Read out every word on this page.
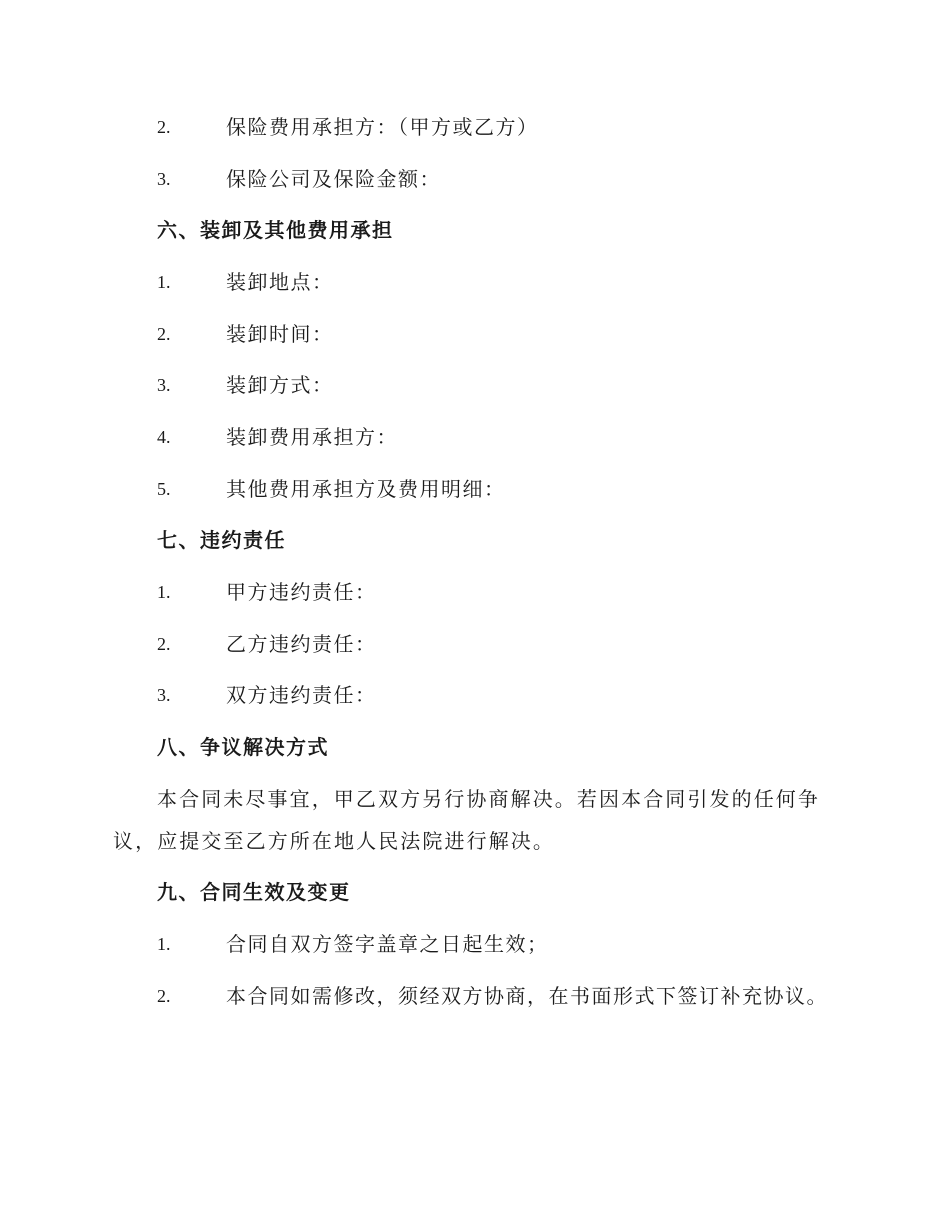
2.	保险费用承担方：（甲方或乙方）
3.	保险公司及保险金额：
六、装卸及其他费用承担
1.	装卸地点：
2.	装卸时间：
3.	装卸方式：
4.	装卸费用承担方：
5.	其他费用承担方及费用明细：
七、违约责任
1.	甲方违约责任：
2.	乙方违约责任：
3.	双方违约责任：
八、争议解决方式
本合同未尽事宜，甲乙双方另行协商解决。若因本合同引发的任何争
议，应提交至乙方所在地人民法院进行解决。
九、合同生效及变更
1.	合同自双方签字盖章之日起生效；
2.	本合同如需修改，须经双方协商，在书面形式下签订补充协议。
